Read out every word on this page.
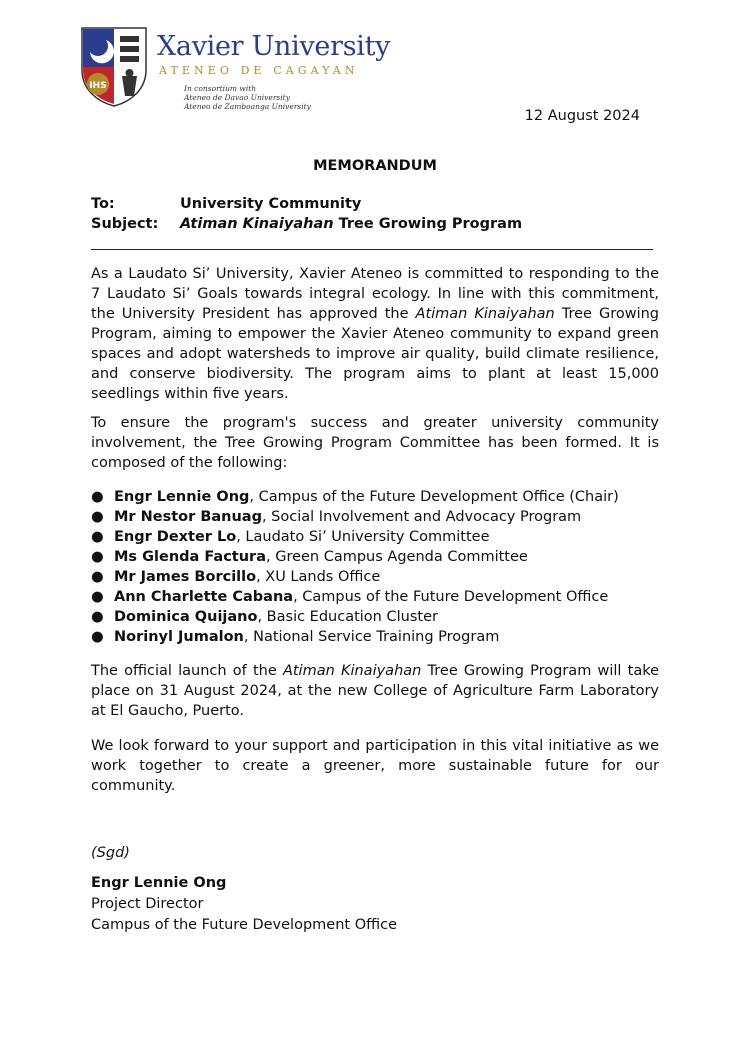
IHS
Xavier University
ATENEO DE CAGAYAN
In consortium with
Ateneo de Davao University
Ateneo de Zamboanga University
12 August 2024
MEMORANDUM
To:	University Community
Subject: Atiman Kinaiyahan Tree Growing Program

As a Laudato Si’ University, Xavier Ateneo is committed to responding to the 7 Laudato Si’ Goals towards integral ecology. In line with this commitment, the University President has approved the Atiman Kinaiyahan Tree Growing Program, aiming to empower the Xavier Ateneo community to expand green spaces and adopt watersheds to improve air quality, build climate resilience, and conserve biodiversity. The program aims to plant at least 15,000 seedlings within five years.

To ensure the program's success and greater university community involvement, the Tree Growing Program Committee has been formed. It is composed of the following:

● Engr Lennie Ong, Campus of the Future Development Office (Chair)
● Mr Nestor Banuag, Social Involvement and Advocacy Program
● Engr Dexter Lo, Laudato Si’ University Committee
● Ms Glenda Factura, Green Campus Agenda Committee
● Mr James Borcillo, XU Lands Office
● Ann Charlette Cabana, Campus of the Future Development Office
● Dominica Quijano, Basic Education Cluster
● Norinyl Jumalon, National Service Training Program

The official launch of the Atiman Kinaiyahan Tree Growing Program will take place on 31 August 2024, at the new College of Agriculture Farm Laboratory at El Gaucho, Puerto.

We look forward to your support and participation in this vital initiative as we work together to create a greener, more sustainable future for our community.

(Sgd)
Engr Lennie Ong
Project Director
Campus of the Future Development Office
